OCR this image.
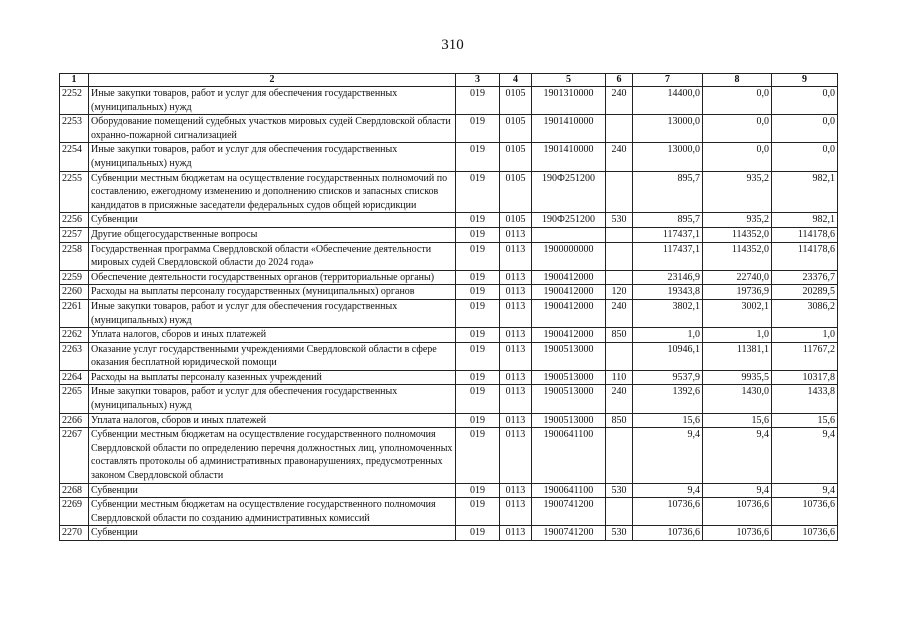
310
1	2	3	4	5	6	7	8	9
2252	Иные закупки товаров, работ и услуг для обеспечения государственных (муниципальных) нужд	019	0105	1901310000	240	14400,0	0,0	0,0
2253	Оборудование помещений судебных участков мировых судей Свердловской области охранно-пожарной сигнализацией	019	0105	1901410000		13000,0	0,0	0,0
2254	Иные закупки товаров, работ и услуг для обеспечения государственных (муниципальных) нужд	019	0105	1901410000	240	13000,0	0,0	0,0
2255	Субвенции местным бюджетам на осуществление государственных полномочий по составлению, ежегодному изменению и дополнению списков и запасных списков кандидатов в присяжные заседатели федеральных судов общей юрисдикции	019	0105	190Ф251200		895,7	935,2	982,1
2256	Субвенции	019	0105	190Ф251200	530	895,7	935,2	982,1
2257	Другие общегосударственные вопросы	019	0113			117437,1	114352,0	114178,6
2258	Государственная программа Свердловской области «Обеспечение деятельности мировых судей Свердловской области до 2024 года»	019	0113	1900000000		117437,1	114352,0	114178,6
2259	Обеспечение деятельности государственных органов (территориальные органы)	019	0113	1900412000		23146,9	22740,0	23376,7
2260	Расходы на выплаты персоналу государственных (муниципальных) органов	019	0113	1900412000	120	19343,8	19736,9	20289,5
2261	Иные закупки товаров, работ и услуг для обеспечения государственных (муниципальных) нужд	019	0113	1900412000	240	3802,1	3002,1	3086,2
2262	Уплата налогов, сборов и иных платежей	019	0113	1900412000	850	1,0	1,0	1,0
2263	Оказание услуг государственными учреждениями Свердловской области в сфере оказания бесплатной юридической помощи	019	0113	1900513000		10946,1	11381,1	11767,2
2264	Расходы на выплаты персоналу казенных учреждений	019	0113	1900513000	110	9537,9	9935,5	10317,8
2265	Иные закупки товаров, работ и услуг для обеспечения государственных (муниципальных) нужд	019	0113	1900513000	240	1392,6	1430,0	1433,8
2266	Уплата налогов, сборов и иных платежей	019	0113	1900513000	850	15,6	15,6	15,6
2267	Субвенции местным бюджетам на осуществление государственного полномочия Свердловской области по определению перечня должностных лиц, уполномоченных составлять протоколы об административных правонарушениях, предусмотренных законом Свердловской области	019	0113	1900641100		9,4	9,4	9,4
2268	Субвенции	019	0113	1900641100	530	9,4	9,4	9,4
2269	Субвенции местным бюджетам на осуществление государственного полномочия Свердловской области по созданию административных комиссий	019	0113	1900741200		10736,6	10736,6	10736,6
2270	Субвенции	019	0113	1900741200	530	10736,6	10736,6	10736,6
